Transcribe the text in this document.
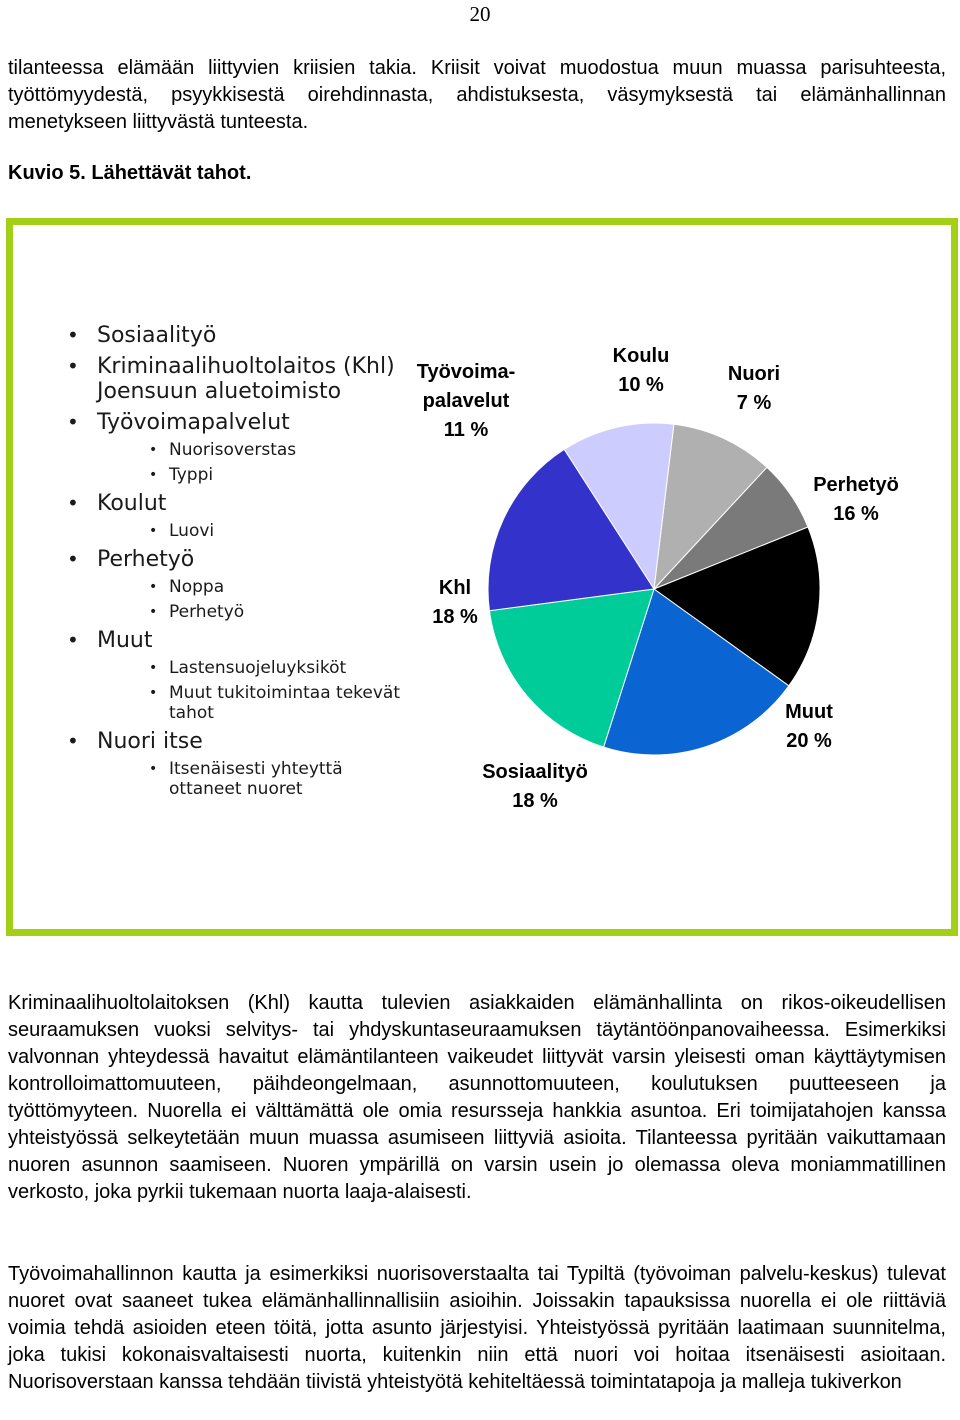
20

tilanteessa elämään liittyvien kriisien takia. Kriisit voivat muodostua muun muassa parisuhteesta, työttömyydestä, psyykkisestä oirehdinnasta, ahdistuksesta, väsymyksestä tai elämänhallinnan menetykseen liittyvästä tunteesta.

Kuvio 5. Lähettävät tahot.
• Sosiaalityö
• Kriminaalihuoltolaitos (Khl) Joensuun aluetoimisto
• Työvoimapalvelut
• Nuorisoverstas
• Typpi
• Koulut
• Luovi
• Perhetyö
• Noppa
• Perhetyö
• Muut
• Lastensuojeluyksiköt
• Muut tukitoimintaa tekevät tahot
• Nuori itse
• Itsenäisesti yhteyttä ottaneet nuoret
Koulu 10 %	Nuori 7 %
Perhetyö 16 %
Muut 20 %
Sosiaalityö 18 %
Khl 18 %
Työvoima-palavelut 11 %

Kriminaalihuoltolaitoksen (Khl) kautta tulevien asiakkaiden elämänhallinta on rikos-oikeudellisen seuraamuksen vuoksi selvitys- tai yhdyskuntaseuraamuksen täytäntöönpanovaiheessa. Esimerkiksi valvonnan yhteydessä havaitut elämäntilanteen vaikeudet liittyvät varsin yleisesti oman käyttäytymisen kontrolloimattomuuteen, päihdeongelmaan, asunnottomuuteen, koulutuksen puutteeseen ja työttömyyteen. Nuorella ei välttämättä ole omia resursseja hankkia asuntoa. Eri toimijatahojen kanssa yhteistyössä selkeytetään muun muassa asumiseen liittyviä asioita. Tilanteessa pyritään vaikuttamaan nuoren asunnon saamiseen. Nuoren ympärillä on varsin usein jo olemassa oleva moniammatillinen verkosto, joka pyrkii tukemaan nuorta laaja-alaisesti.

Työvoimahallinnon kautta ja esimerkiksi nuorisoverstaalta tai Typiltä (työvoiman palvelu-keskus) tulevat nuoret ovat saaneet tukea elämänhallinnallisiin asioihin. Joissakin tapauksissa nuorella ei ole riittäviä voimia tehdä asioiden eteen töitä, jotta asunto järjestyisi. Yhteistyössä pyritään laatimaan suunnitelma, joka tukisi kokonaisvaltaisesti nuorta, kuitenkin niin että nuori voi hoitaa itsenäisesti asioitaan. Nuorisoverstaan kanssa tehdään tiivistä yhteistyötä kehiteltäessä toimintatapoja ja malleja tukiverkon
